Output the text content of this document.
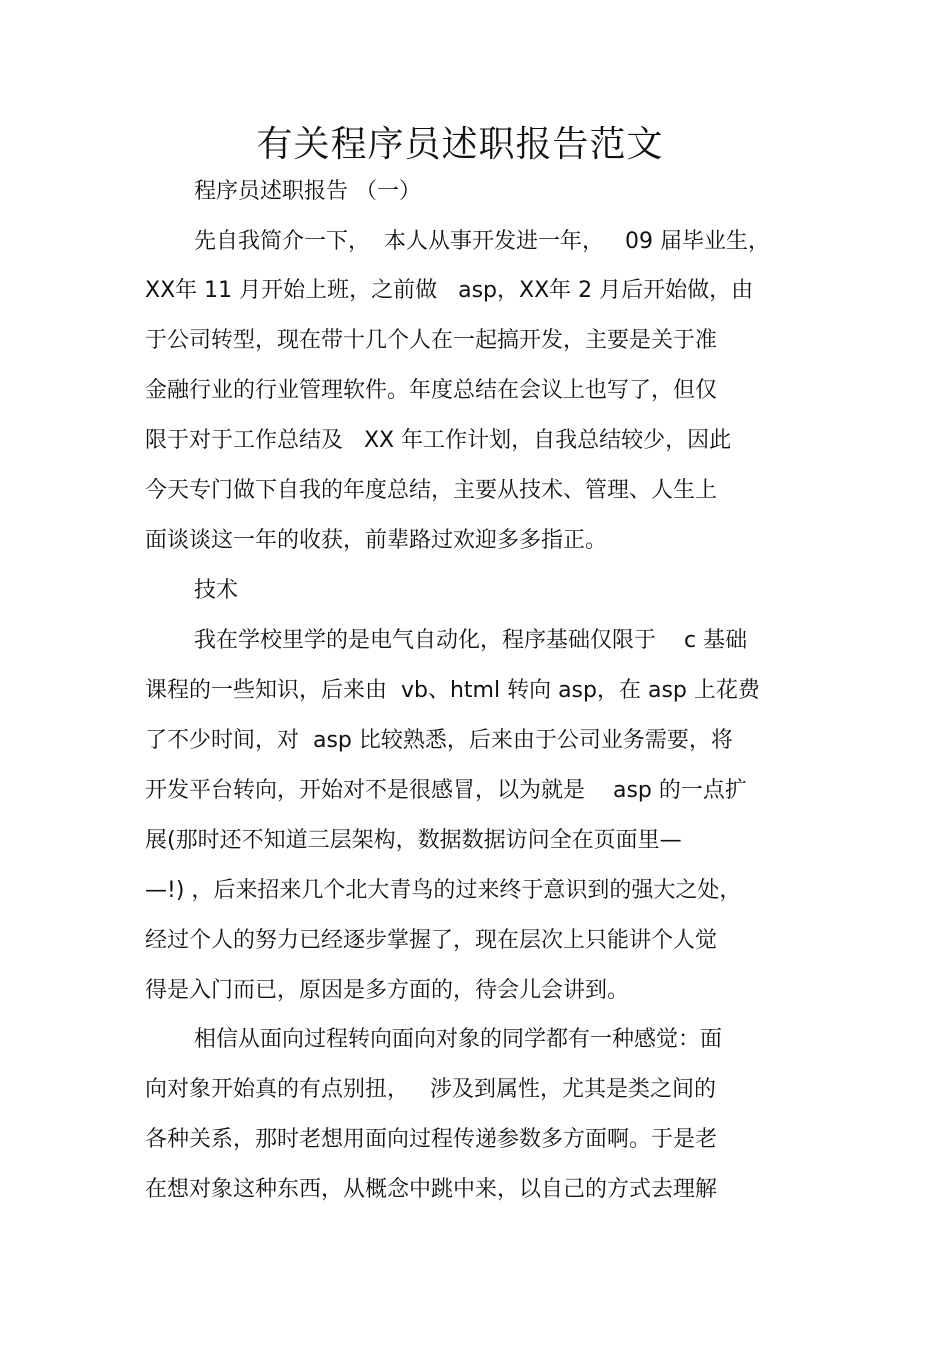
有关程序员述职报告范文
程序员述职报告 （一）
先自我简介一下，  本人从事开发进一年，   09 届毕业生，
XX年 11 月开始上班，之前做   asp，XX年 2 月后开始做，由
于公司转型，现在带十几个人在一起搞开发，主要是关于准
金融行业的行业管理软件。年度总结在会议上也写了，但仅
限于对于工作总结及   XX 年工作计划，自我总结较少，因此
今天专门做下自我的年度总结，主要从技术、管理、人生上
面谈谈这一年的收获，前辈路过欢迎多多指正。
技术
我在学校里学的是电气自动化，程序基础仅限于    c 基础
课程的一些知识，后来由  vb、html 转向 asp，在 asp 上花费
了不少时间，对  asp 比较熟悉，后来由于公司业务需要，将
开发平台转向，开始对不是很感冒，以为就是    asp 的一点扩
展(那时还不知道三层架构，数据数据访问全在页面里—
—!) ，后来招来几个北大青鸟的过来终于意识到的强大之处，
经过个人的努力已经逐步掌握了，现在层次上只能讲个人觉
得是入门而已，原因是多方面的，待会儿会讲到。
相信从面向过程转向面向对象的同学都有一种感觉：面
向对象开始真的有点别扭，   涉及到属性，尤其是类之间的
各种关系，那时老想用面向过程传递参数多方面啊。于是老
在想对象这种东西，从概念中跳中来，以自己的方式去理解
